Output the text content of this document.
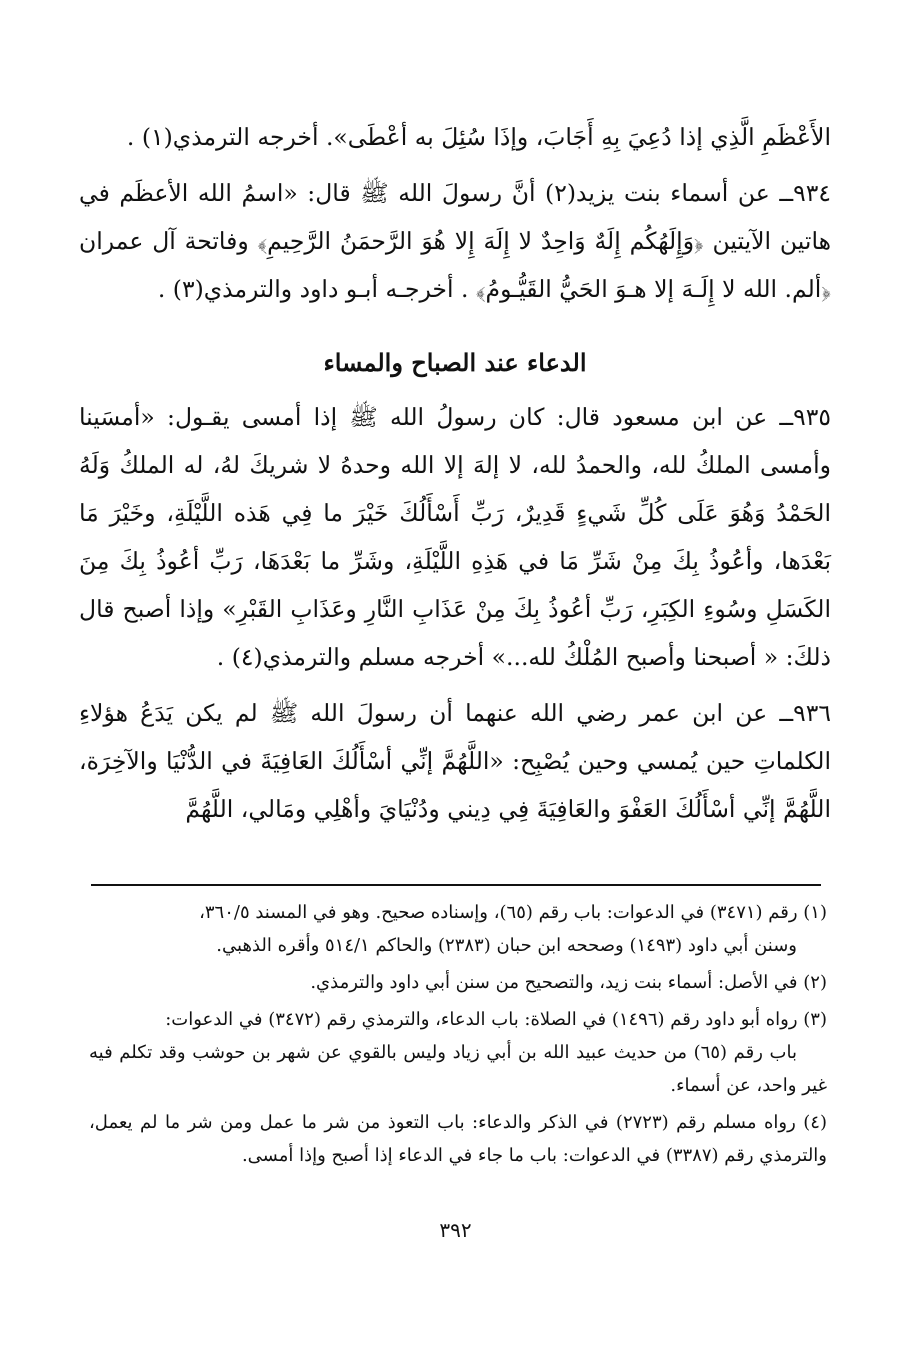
الأَعْظَمِ الَّذِي إذا دُعِيَ بِهِ أَجَابَ، وإذَا سُئِلَ به أعْطَى». أخرجه الترمذي(١) .

٩٣٤ــ عن أسماء بنت يزيد(٢) أنَّ رسولَ الله ﷺ قال: «اسمُ الله الأعظَم في هاتين الآيتين ﴿وَإِلَهُكُم إِلَهٌ وَاحِدٌ لا إِلَهَ إِلا هُوَ الرَّحمَنُ الرَّحِيمِ﴾ وفاتحة آل عمران ﴿ألم. الله لا إِلَـهَ إلا هـوَ الحَيُّ القَيُّـومُ﴾ . أخرجـه أبـو داود والترمذي(٣) .

الدعاء عند الصباح والمساء

٩٣٥ــ عن ابن مسعود قال: كان رسولُ الله ﷺ إذا أمسى يقـول: «أمسَينا وأمسى الملكُ لله، والحمدُ لله، لا إلهَ إلا الله وحدهُ لا شريكَ لهُ، له الملكُ وَلَهُ الحَمْدُ وَهُوَ عَلَى كُلِّ شَيءٍ قَدِيرٌ، رَبِّ أَسْأَلُكَ خَيْرَ ما فِي هَذه اللَّيْلَةِ، وخَيْرَ مَا بَعْدَها، وأعُوذُ بِكَ مِنْ شَرِّ مَا في هَذِهِ اللَّيْلَةِ، وشَرِّ ما بَعْدَهَا، رَبِّ أعُوذُ بِكَ مِنَ الكَسَلِ وسُوءِ الكِبَرِ، رَبِّ أعُوذُ بِكَ مِنْ عَذَابِ النَّارِ وعَذَابِ القَبْرِ» وإذا أصبح قال ذلكَ: « أصبحنا وأصبح المُلْكُ لله...» أخرجه مسلم والترمذي(٤) .

٩٣٦ــ عن ابن عمر رضي الله عنهما أن رسولَ الله ﷺ لم يكن يَدَعُ هؤلاءِ الكلماتِ حين يُمسي وحين يُصْبِح: «اللَّهُمَّ إنِّي أسْأَلُكَ العَافِيَةَ في الدُّنْيَا والآخِرَة، اللَّهُمَّ إنِّي أسْأَلُكَ العَفْوَ والعَافِيَةَ فِي دِيني ودُنْيَايَ وأهْلِي ومَالي، اللَّهُمَّ

(١) رقم (٣٤٧١) في الدعوات: باب رقم (٦٥)، وإسناده صحيح. وهو في المسند ٣٦٠/٥،
وسنن أبي داود (١٤٩٣) وصححه ابن حبان (٢٣٨٣) والحاكم ٥١٤/١ وأقره الذهبي.

(٢) في الأصل: أسماء بنت زيد، والتصحيح من سنن أبي داود والترمذي.

(٣) رواه أبو داود رقم (١٤٩٦) في الصلاة: باب الدعاء، والترمذي رقم (٣٤٧٢) في الدعوات:
باب رقم (٦٥) من حديث عبيد الله بن أبي زياد وليس بالقوي عن شهر بن حوشب وقد تكلم فيه غير واحد، عن أسماء.

(٤) رواه مسلم رقم (٢٧٢٣) في الذكر والدعاء: باب التعوذ من شر ما عمل ومن شر ما لم يعمل، والترمذي رقم (٣٣٨٧) في الدعوات: باب ما جاء في الدعاء إذا أصبح وإذا أمسى.

٣٩٢
